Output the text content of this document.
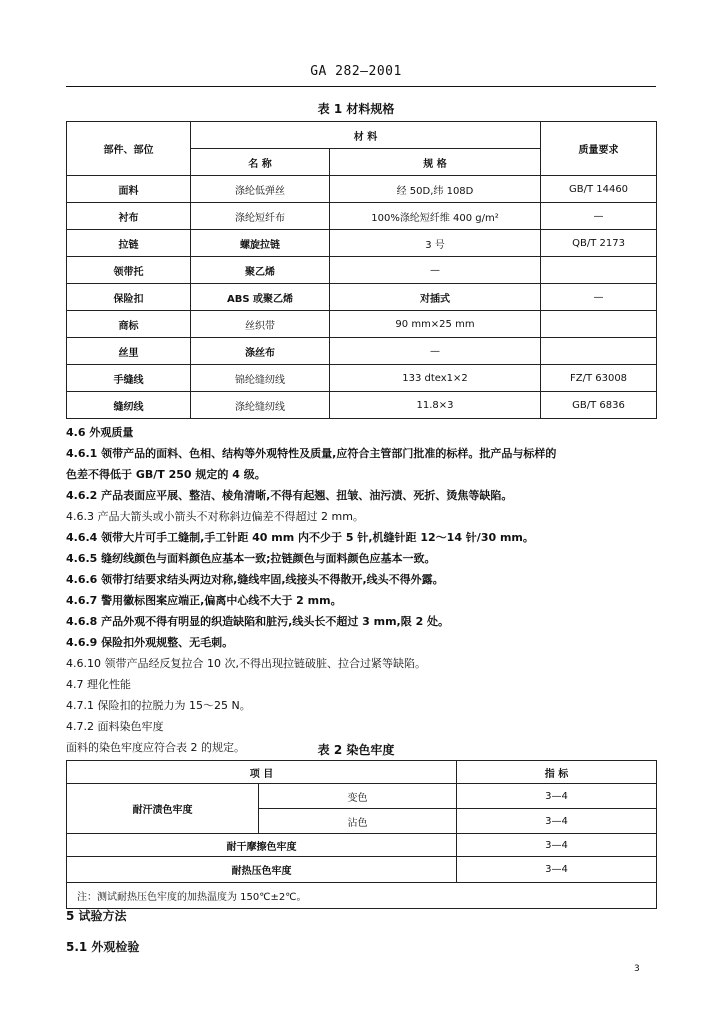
GA 282—2001
表 1 材料规格
部件、部位	材 料		质量要求
	名 称	规 格	
面料	涤纶低弹丝	经 50D,纬 108D	GB/T 14460
衬布	涤纶短纤布	100%涤纶短纤维 400 g/m²	—
拉链	螺旋拉链	3 号	QB/T 2173
领带托	聚乙烯	—	
保险扣	ABS 或聚乙烯	对插式	—
商标	丝织带	90 mm×25 mm	
丝里	涤丝布	—	
手缝线	锦纶缝纫线	133 dtex1×2	FZ/T 63008
缝纫线	涤纶缝纫线	11.8×3	GB/T 6836
4.6 外观质量
4.6.1 领带产品的面料、色相、结构等外观特性及质量,应符合主管部门批准的标样。批产品与标样的
色差不得低于 GB/T 250 规定的 4 级。
4.6.2 产品表面应平展、整洁、棱角清晰,不得有起翘、扭皱、油污渍、死折、烫焦等缺陷。
4.6.3 产品大箭头或小箭头不对称斜边偏差不得超过 2 mm。
4.6.4 领带大片可手工缝制,手工针距 40 mm 内不少于 5 针,机缝针距 12～14 针/30 mm。
4.6.5 缝纫线颜色与面料颜色应基本一致;拉链颜色与面料颜色应基本一致。
4.6.6 领带打结要求结头两边对称,缝线牢固,线接头不得散开,线头不得外露。
4.6.7 警用徽标图案应端正,偏离中心线不大于 2 mm。
4.6.8 产品外观不得有明显的织造缺陷和脏污,线头长不超过 3 mm,限 2 处。
4.6.9 保险扣外观规整、无毛刺。
4.6.10 领带产品经反复拉合 10 次,不得出现拉链破脏、拉合过紧等缺陷。
4.7 理化性能
4.7.1 保险扣的拉脱力为 15～25 N。
4.7.2 面料染色牢度
面料的染色牢度应符合表 2 的规定。	表 2 染色牢度
项 目		指 标
耐汗渍色牢度	变色	3—4
	沾色	3—4
耐干摩擦色牢度		3—4
耐热压色牢度		3—4
注：测试耐热压色牢度的加热温度为 150℃±2℃。		
5 试验方法
5.1 外观检验
3
